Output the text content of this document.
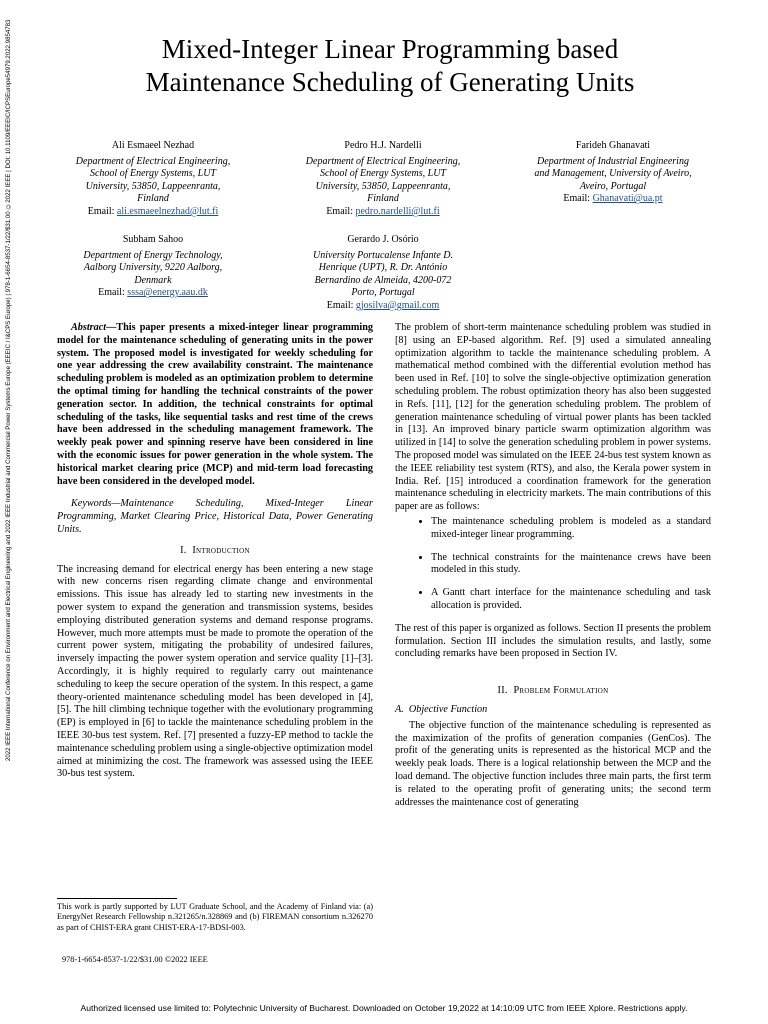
2022 IEEE International Conference on Environment and Electrical Engineering and 2022 IEEE Industrial and Commercial Power Systems Europe (EEEIC / I&CPS Europe) | 978-1-6654-8537-1/22/$31.00 ©2022 IEEE | DOI: 10.1109/EEEIC/ICPSEurope54979.2022.9854783	Mixed-Integer Linear Programming based
Maintenance Scheduling of Generating Units
Ali Esmaeel Nezhad
Department of Electrical Engineering,
School of Energy Systems, LUT
University, 53850, Lappeenranta,
Finland
Email: ali.esmaeelnezhad@lut.fi
Pedro H.J. Nardelli
Department of Electrical Engineering,
School of Energy Systems, LUT
University, 53850, Lappeenranta,
Finland
Email: pedro.nardelli@lut.fi
Farideh Ghanavati
Department of Industrial Engineering
and Management, University of Aveiro,
Aveiro, Portugal
Email: Ghanavati@ua.pt
Subham Sahoo
Department of Energy Technology,
Aalborg University, 9220 Aalborg,
Denmark
Email: sssa@energy.aau.dk
Gerardo J. Osório
University Portucalense Infante D.
Henrique (UPT), R. Dr. António
Bernardino de Almeida, 4200-072
Porto, Portugal
Email: gjosilva@gmail.com

Abstract—This paper presents a mixed-integer linear programming model for the maintenance scheduling of generating units in the power system. The proposed model is investigated for weekly scheduling for one year addressing the crew availability constraint. The maintenance scheduling problem is modeled as an optimization problem to determine the optimal timing for handling the technical constraints of the power generation sector. In addition, the technical constraints for optimal scheduling of the tasks, like sequential tasks and rest time of the crews have been addressed in the scheduling management framework. The weekly peak power and spinning reserve have been considered in line with the economic issues for power generation in the whole system. The historical market clearing price (MCP) and mid-term load forecasting have been considered in the developed model.

Keywords—Maintenance Scheduling, Mixed-Integer Linear Programming, Market Clearing Price, Historical Data, Power Generating Units.

I. Introduction

The increasing demand for electrical energy has been entering a new stage with new concerns risen regarding climate change and environmental emissions. This issue has already led to starting new investments in the power system to expand the generation and transmission systems, besides employing distributed generation systems and demand response programs. However, much more attempts must be made to promote the operation of the current power system, mitigating the probability of undesired failures, inversely impacting the power system operation and service quality [1]–[3]. Accordingly, it is highly required to regularly carry out maintenance scheduling to keep the secure operation of the system. In this respect, a game theory-oriented maintenance scheduling model has been developed in [4], [5]. The hill climbing technique together with the evolutionary programming (EP) is employed in [6] to tackle the maintenance scheduling problem in the IEEE 30-bus test system. Ref. [7] presented a fuzzy-EP method to tackle the maintenance scheduling problem using a single-objective optimization model aimed at minimizing the cost. The framework was assessed using the IEEE 30-bus test system.

The problem of short-term maintenance scheduling problem was studied in [8] using an EP-based algorithm. Ref. [9] used a simulated annealing optimization algorithm to tackle the maintenance scheduling problem. A mathematical method combined with the differential evolution method has been used in Ref. [10] to solve the single-objective optimization generation scheduling problem. The robust optimization theory has also been suggested in Refs. [11], [12] for the generation scheduling problem. The problem of generation maintenance scheduling of virtual power plants has been tackled in [13]. An improved binary particle swarm optimization algorithm was utilized in [14] to solve the generation scheduling problem in power systems. The proposed model was simulated on the IEEE 24-bus test system known as the IEEE reliability test system (RTS), and also, the Kerala power system in India. Ref. [15] introduced a coordination framework for the generation maintenance scheduling in electricity markets. The main contributions of this paper are as follows:

• The maintenance scheduling problem is modeled as a standard mixed-integer linear programming.
• The technical constraints for the maintenance crews have been modeled in this study.
• A Gantt chart interface for the maintenance scheduling and task allocation is provided.

The rest of this paper is organized as follows. Section II presents the problem formulation. Section III includes the simulation results, and lastly, some concluding remarks have been proposed in Section IV.

II. Problem Formulation
A. Objective Function

The objective function of the maintenance scheduling is represented as the maximization of the profits of generation companies (GenCos). The profit of the generating units is represented as the historical MCP and the weekly peak loads. There is a logical relationship between the MCP and the load demand. The objective function includes three main parts, the first term is related to the operating profit of generating units; the second term addresses the maintenance cost of generating

This work is partly supported by LUT Graduate School, and the Academy of Finland via: (a) EnergyNet Research Fellowship n.321265/n.328869 and (b) FIREMAN consortium n.326270 as part of CHIST-ERA grant CHIST-ERA-17-BDSI-003.
978-1-6654-8537-1/22/$31.00 ©2022 IEEE
Authorized licensed use limited to: Polytechnic University of Bucharest. Downloaded on October 19,2022 at 14:10:09 UTC from IEEE Xplore. Restrictions apply.
